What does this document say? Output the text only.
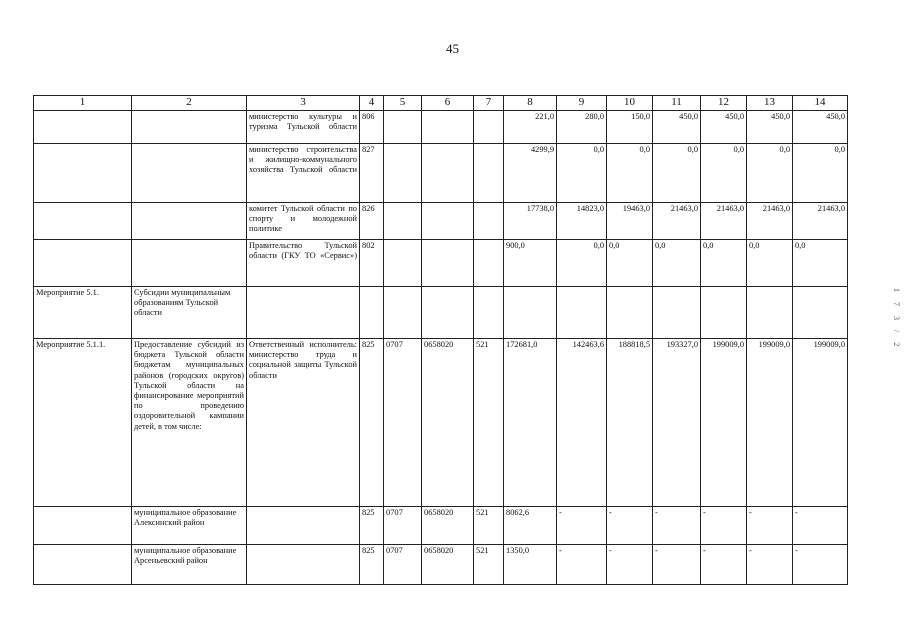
45
1	2	3	4	5	6	7	8	9	10	11	12	13	14
		министерство культуры и туризма Тульской области	806				221,0	280,0	150,0	450,0	450,0	450,0	450,0
		министерство строительства и жилищно-коммунального хозяйства Тульской области	827				4299,9	0,0	0,0	0,0	0,0	0,0	0,0
		комитет Тульской области по спорту и молодежной политике	826				17738,0	14823,0	19463,0	21463,0	21463,0	21463,0	21463,0
		Правительство Тульской области (ГКУ ТО «Сервис»)	802				900,0	0,0	0,0	0,0	0,0	0,0	0,0
Мероприятие 5.1.	Субсидии муниципальным образованиям Тульской области												
Мероприятие 5.1.1.	Предоставление субсидий из бюджета Тульской области бюджетам муниципальных районов (городских округов) Тульской области на финансирование мероприятий по проведению оздоровительной кампании детей, в том числе:	Ответственный исполнитель: министерство труда и социальной защиты Тульской области	825	0707	0658020	521	172681,0	142463,6	188818,5	193327,0	199009,0	199009,0	199009,0
	муниципальное образование Алексинский район		825	0707	0658020	521	8062,6	-	-	-	-	-	-
	муниципальное образование Арсеньевский район		825	0707	0658020	521	1350,0	-	-	-	-	-	-
1 7 3 / 2
